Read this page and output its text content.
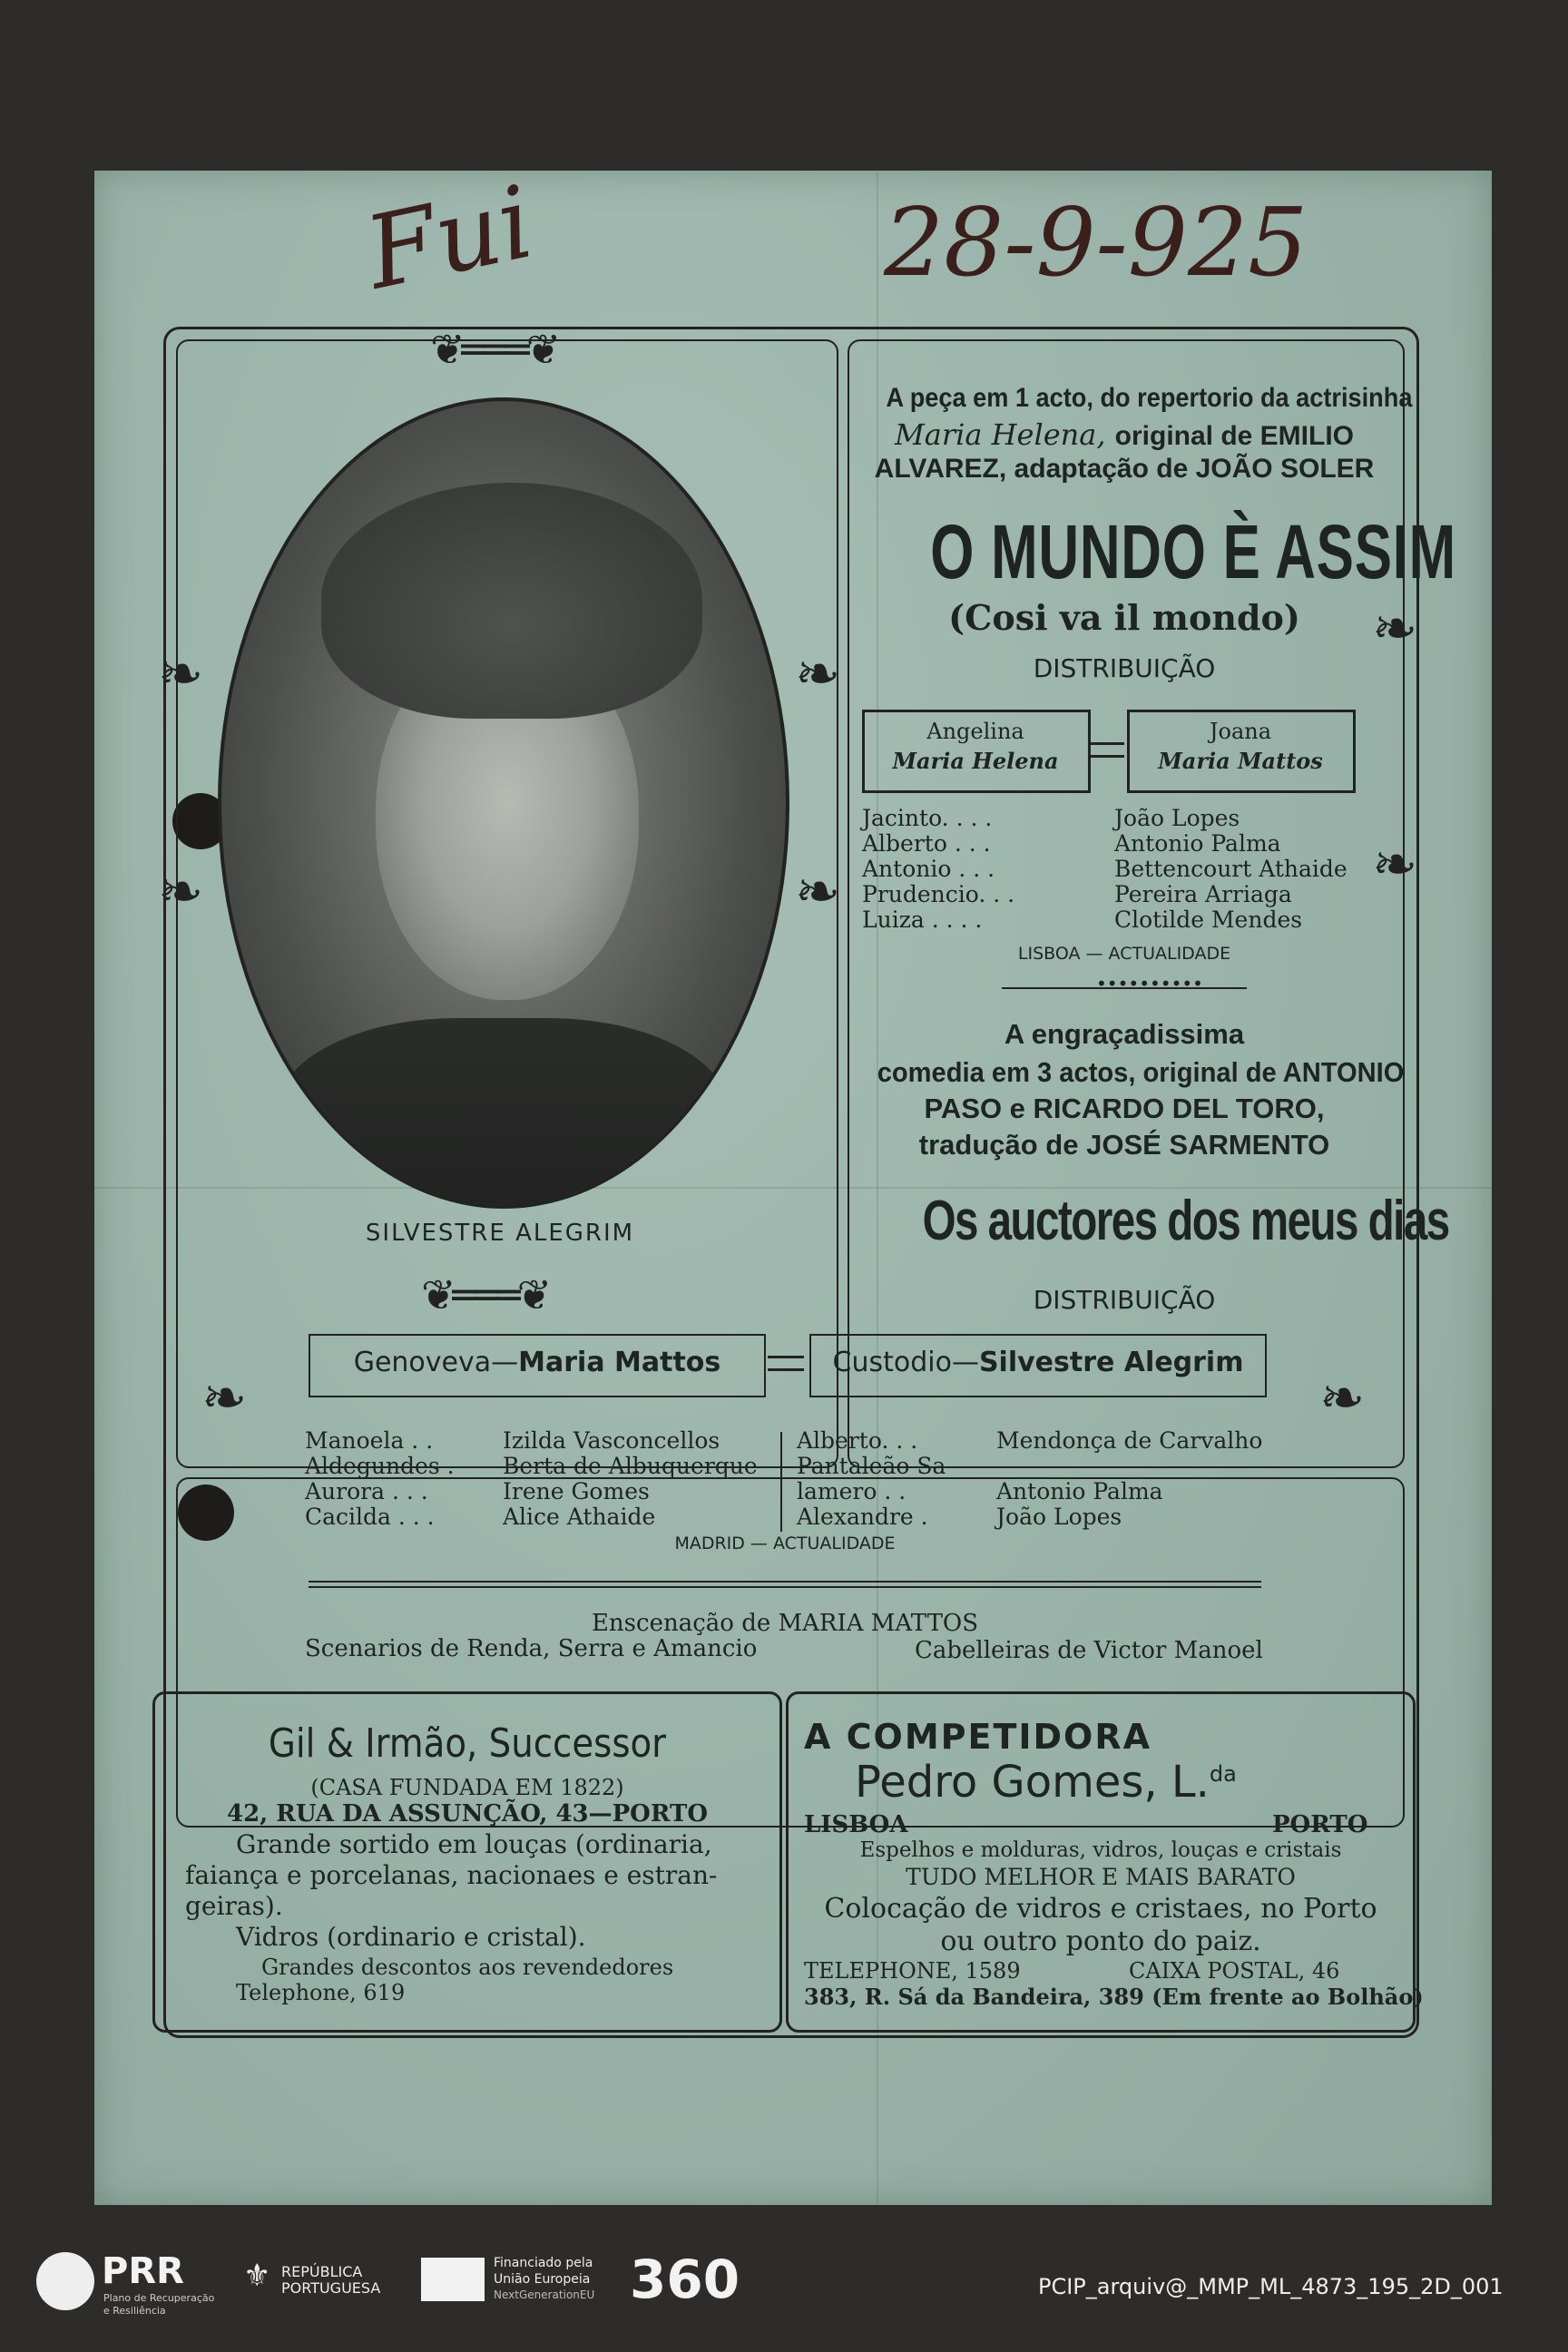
Fui	28-9-925
❦═══❦
❦═══❦
❧
❧
❧
❧
❧
❧
❧	❧
SILVESTRE ALEGRIM
A peça em 1 acto, do repertorio da actrisinha
Maria Helena, original de EMILIO
ALVAREZ, adaptação de JOÃO SOLER
O MUNDO È ASSIM
(Cosi va il mondo)
DISTRIBUIÇÃO
Angelina
Maria Helena
Joana
Maria Mattos
Jacinto. . . .	João Lopes
Alberto . . .	Antonio Palma
Antonio . . .	Bettencourt Athaide
Prudencio. . .	Pereira Arriaga
Luiza . . . .	Clotilde Mendes
LISBOA — ACTUALIDADE
••••••••••
A engraçadissima
comedia em 3 actos, original de ANTONIO
PASO e RICARDO DEL TORO,
tradução de JOSÉ SARMENTO
Os auctores dos meus dias
DISTRIBUIÇÃO
Genoveva—Maria Mattos	Custodio—Silvestre Alegrim
Manoela . .	Izilda Vasconcellos
Aldegundes . Berta de Albuquerque
Aurora . . .	Irene Gomes
Cacilda . . .	Alice Athaide
Alberto. . .	Mendonça de Carvalho
Pantaleão Sa-
lamero . .	Antonio Palma
Alexandre .	João Lopes
MADRID — ACTUALIDADE
Enscenação de MARIA MATTOS
Scenarios de Renda, Serra e Amancio	Cabelleiras de Victor Manoel
Gil & Irmão, Successor
(CASA FUNDADA EM 1822)
42, RUA DA ASSUNÇÃO, 43—PORTO
Grande sortido em louças (ordinaria,
faiança e porcelanas, nacionaes e estran-
geiras).
Vidros (ordinario e cristal).
Grandes descontos aos revendedores
Telephone, 619
A COMPETIDORA
Pedro Gomes, L.$^{da}$
LISBOA	PORTO
Espelhos e molduras, vidros, louças e cristais
TUDO MELHOR E MAIS BARATO
Colocação de vidros e cristaes, no Porto
ou outro ponto do paiz.
TELEPHONE, 1589	CAIXA POSTAL, 46
383, R. Sá da Bandeira, 389 (Em frente ao Bolhão)
PRR
Plano de Recuperação
e Resiliência
⚜ REPÚBLICA
PORTUGUESA
Financiado pela
União Europeia
NextGenerationEU 360	PCIP_arquiv@_MMP_ML_4873_195_2D_001
